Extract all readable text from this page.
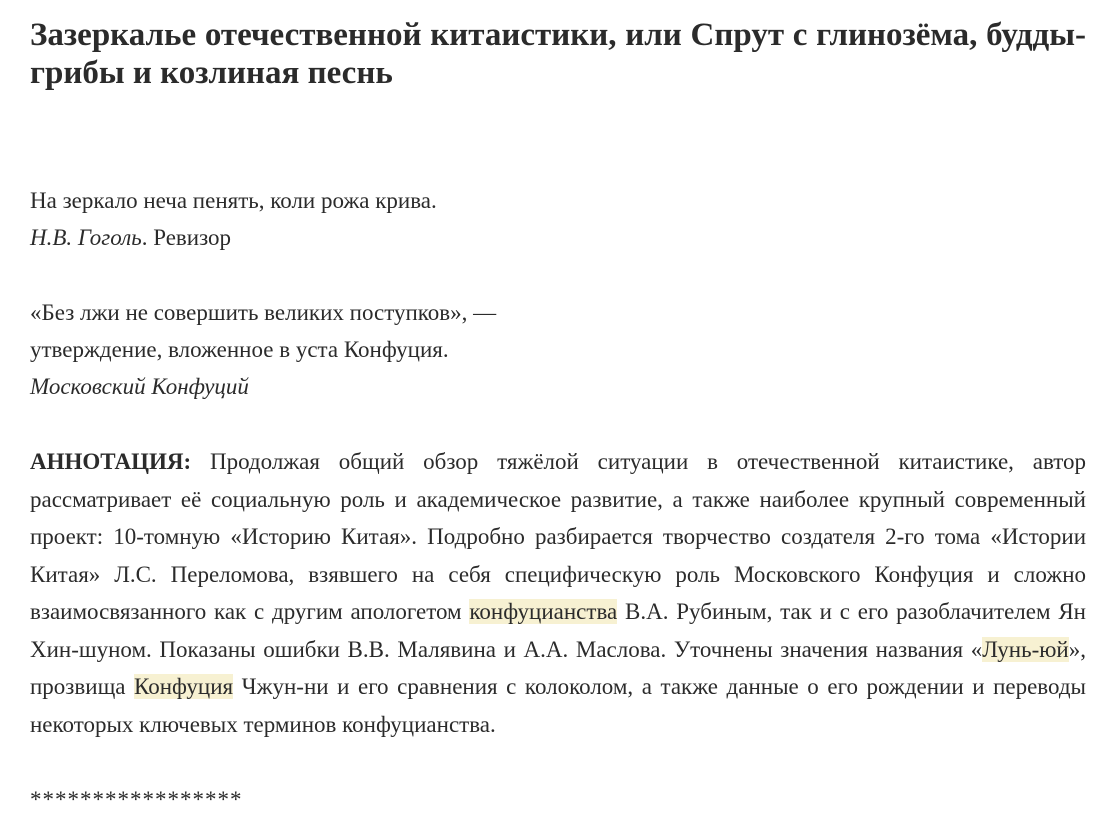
Зазеркалье отечественной китаистики, или Спрут с глинозёма, будды-грибы и козлиная песнь

На зеркало неча пенять, коли рожа крива.

Н.В. Гоголь. Ревизор

«Без лжи не совершить великих поступков», —

утверждение, вложенное в уста Конфуция.

Московский Конфуций

АННОТАЦИЯ: Продолжая общий обзор тяжёлой ситуации в отечественной китаистике, автор рассматривает её социальную роль и академическое развитие, а также наиболее крупный современный проект: 10-томную «Историю Китая». Подробно разбирается творчество создателя 2-го тома «Истории Китая» Л.С. Переломова, взявшего на себя специфическую роль Московского Конфуция и сложно взаимосвязанного как с другим апологетом конфуцианства В.А. Рубиным, так и с его разоблачителем Ян Хин-шуном. Показаны ошибки В.В. Малявина и А.А. Маслова. Уточнены значения названия «Лунь-юй», прозвища Конфуция Чжун-ни и его сравнения с колоколом, а также данные о его рождении и переводы некоторых ключевых терминов конфуцианства.

*****************
